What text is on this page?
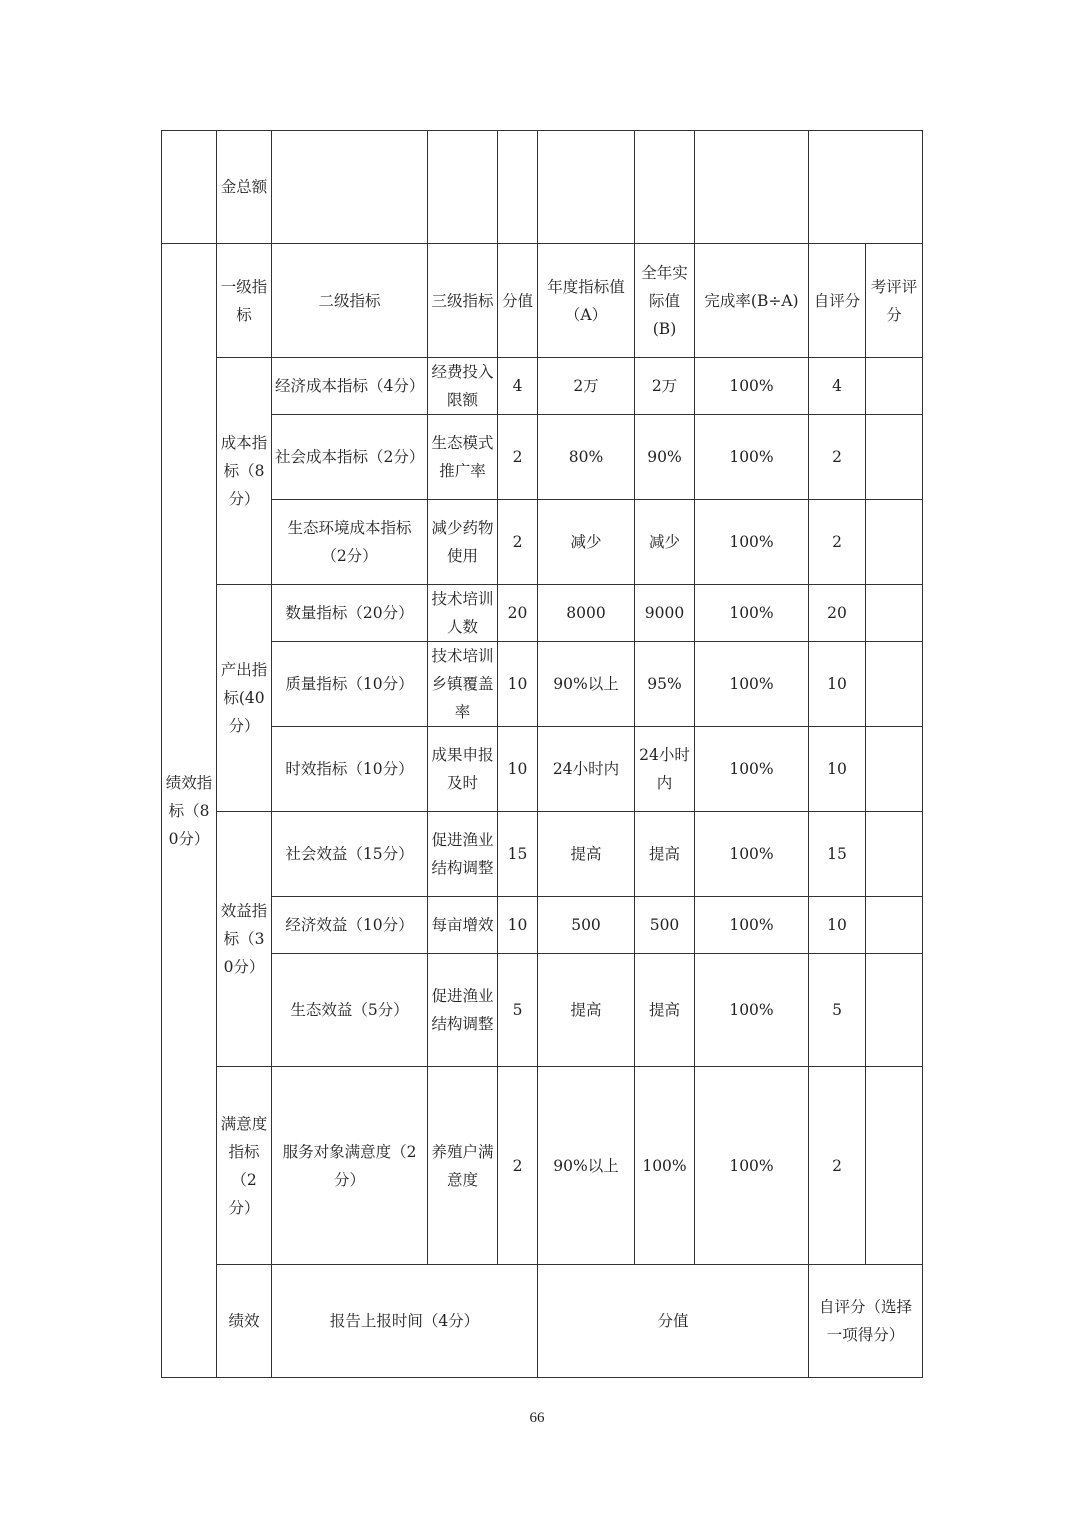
	金总额									
绩效指标（80分）	一级指标	二级指标	三级指标	分值	年度指标值（A）	全年实际值(B)	完成率(B÷A)	自评分	考评评分	
	成本指标（8分）	经济成本指标（4分）	经费投入限额	4	2万	2万	100%	4		
		社会成本指标（2分）	生态模式推广率	2	80%	90%	100%	2		
		生态环境成本指标（2分）	减少药物使用	2	减少	减少	100%	2		
	产出指标(40分）	数量指标（20分）	技术培训人数	20	8000	9000	100%	20		
		质量指标（10分）	技术培训乡镇覆盖率	10	90%以上	95%	100%	10		
		时效指标（10分）	成果申报及时	10	24小时内	24小时内	100%	10		
	效益指标（30分）	社会效益（15分）	促进渔业结构调整	15	提高	提高	100%	15		
		经济效益（10分）	每亩增效	10	500	500	100%	10		
		生态效益（5分）	促进渔业结构调整	5	提高	提高	100%	5		
	满意度指标（2分）	服务对象满意度（2分）	养殖户满意度	2	90%以上	100%	100%	2		
	绩效	报告上报时间（4分）			分值			自评分（选择一项得分）		
66
